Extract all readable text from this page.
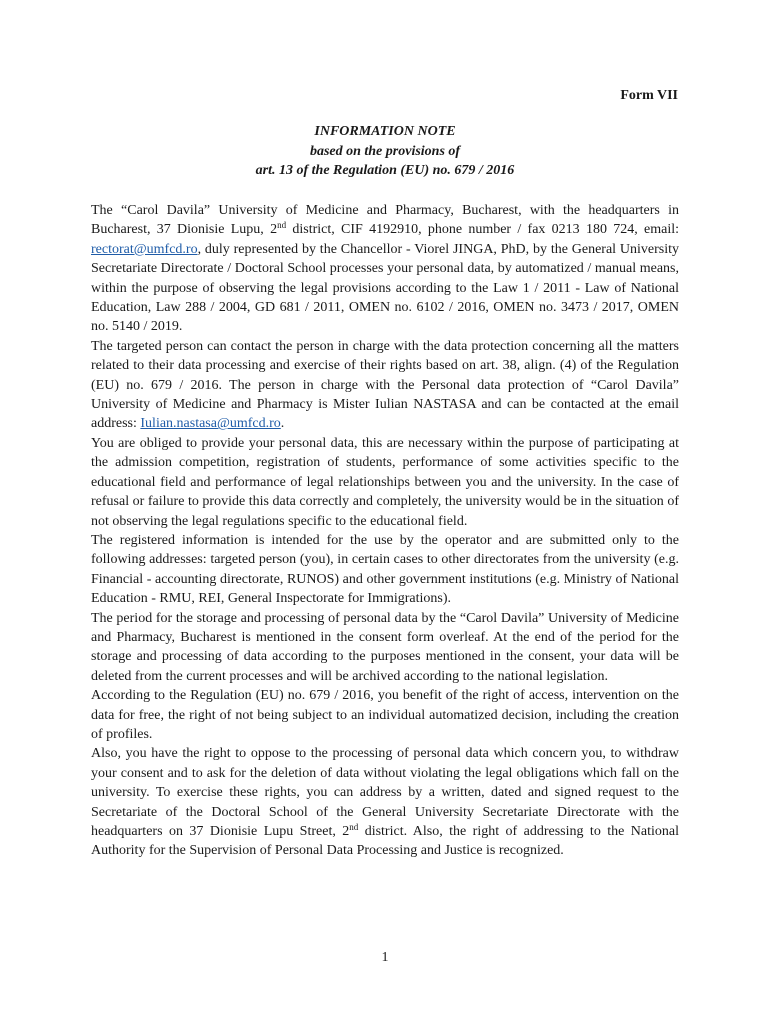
Form VII
INFORMATION NOTE
based on the provisions of
art. 13 of the Regulation (EU) no. 679 / 2016

The “Carol Davila” University of Medicine and Pharmacy, Bucharest, with the headquarters in Bucharest, 37 Dionisie Lupu, 2nd district, CIF 4192910, phone number / fax 0213 180 724, email: rectorat@umfcd.ro, duly represented by the Chancellor - Viorel JINGA, PhD, by the General University Secretariate Directorate / Doctoral School processes your personal data, by automatized / manual means, within the purpose of observing the legal provisions according to the Law 1 / 2011 - Law of National Education, Law 288 / 2004, GD 681 / 2011, OMEN no. 6102 / 2016, OMEN no. 3473 / 2017, OMEN no. 5140 / 2019.

The targeted person can contact the person in charge with the data protection concerning all the matters related to their data processing and exercise of their rights based on art. 38, align. (4) of the Regulation (EU) no. 679 / 2016. The person in charge with the Personal data protection of “Carol Davila” University of Medicine and Pharmacy is Mister Iulian NASTASA and can be contacted at the email address: Iulian.nastasa@umfcd.ro.

You are obliged to provide your personal data, this are necessary within the purpose of participating at the admission competition, registration of students, performance of some activities specific to the educational field and performance of legal relationships between you and the university. In the case of refusal or failure to provide this data correctly and completely, the university would be in the situation of not observing the legal regulations specific to the educational field.

The registered information is intended for the use by the operator and are submitted only to the following addresses: targeted person (you), in certain cases to other directorates from the university (e.g. Financial - accounting directorate, RUNOS) and other government institutions (e.g. Ministry of National Education - RMU, REI, General Inspectorate for Immigrations).

The period for the storage and processing of personal data by the “Carol Davila” University of Medicine and Pharmacy, Bucharest is mentioned in the consent form overleaf. At the end of the period for the storage and processing of data according to the purposes mentioned in the consent, your data will be deleted from the current processes and will be archived according to the national legislation.

According to the Regulation (EU) no. 679 / 2016, you benefit of the right of access, intervention on the data for free, the right of not being subject to an individual automatized decision, including the creation of profiles.

Also, you have the right to oppose to the processing of personal data which concern you, to withdraw your consent and to ask for the deletion of data without violating the legal obligations which fall on the university. To exercise these rights, you can address by a written, dated and signed request to the Secretariate of the Doctoral School of the General University Secretariate Directorate with the headquarters on 37 Dionisie Lupu Street, 2nd district. Also, the right of addressing to the National Authority for the Supervision of Personal Data Processing and Justice is recognized.

1
